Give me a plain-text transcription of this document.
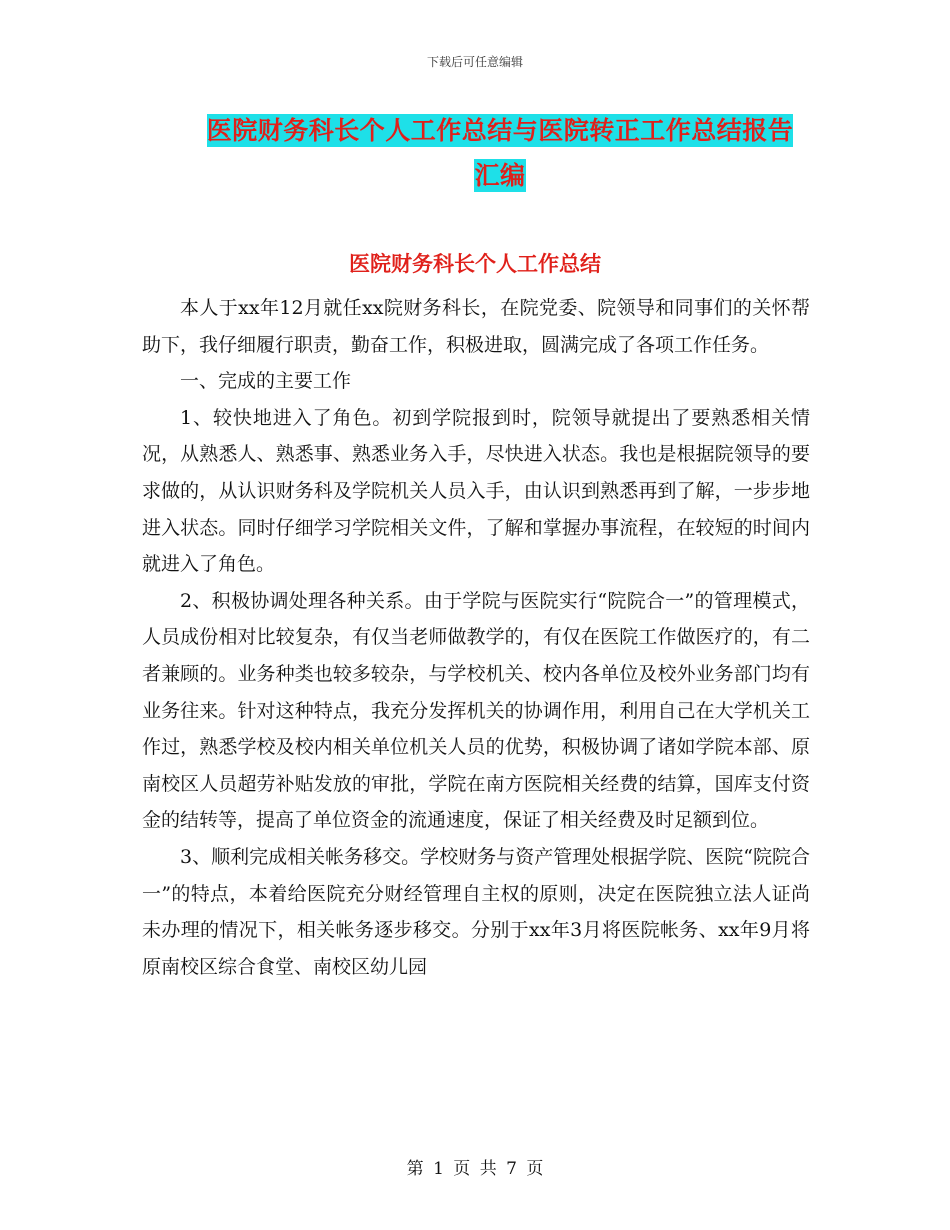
下载后可任意编辑
医院财务科长个人工作总结与医院转正工作总结报告
汇编
医院财务科长个人工作总结

本人于xx年12月就任xx院财务科长，在院党委、院领导和同事们的关怀帮助下，我仔细履行职责，勤奋工作，积极进取，圆满完成了各项工作任务。

一、完成的主要工作

1、较快地进入了角色。初到学院报到时，院领导就提出了要熟悉相关情况，从熟悉人、熟悉事、熟悉业务入手，尽快进入状态。我也是根据院领导的要求做的，从认识财务科及学院机关人员入手，由认识到熟悉再到了解，一步步地进入状态。同时仔细学习学院相关文件，了解和掌握办事流程，在较短的时间内就进入了角色。

2、积极协调处理各种关系。由于学院与医院实行“院院合一”的管理模式，人员成份相对比较复杂，有仅当老师做教学的，有仅在医院工作做医疗的，有二者兼顾的。业务种类也较多较杂，与学校机关、校内各单位及校外业务部门均有业务往来。针对这种特点，我充分发挥机关的协调作用，利用自己在大学机关工作过，熟悉学校及校内相关单位机关人员的优势，积极协调了诸如学院本部、原南校区人员超劳补贴发放的审批，学院在南方医院相关经费的结算，国库支付资金的结转等，提高了单位资金的流通速度，保证了相关经费及时足额到位。

3、顺利完成相关帐务移交。学校财务与资产管理处根据学院、医院“院院合一”的特点，本着给医院充分财经管理自主权的原则，决定在医院独立法人证尚未办理的情况下，相关帐务逐步移交。分别于xx年3月将医院帐务、xx年9月将原南校区综合食堂、南校区幼儿园

第 1 页 共 7 页
